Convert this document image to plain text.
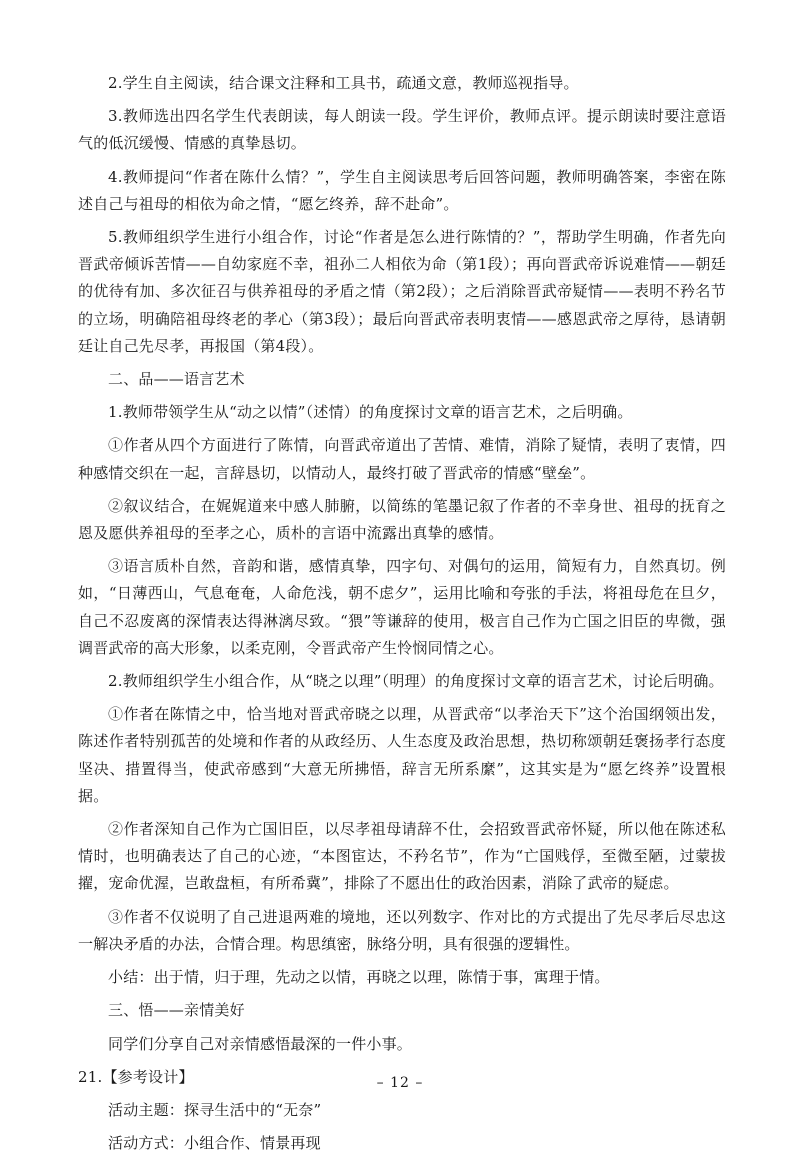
2.学生自主阅读，结合课文注释和工具书，疏通文意，教师巡视指导。

3.教师选出四名学生代表朗读，每人朗读一段。学生评价，教师点评。提示朗读时要注意语气的低沉缓慢、情感的真挚恳切。

4.教师提问“作者在陈什么情？”，学生自主阅读思考后回答问题，教师明确答案，李密在陈述自己与祖母的相依为命之情，“愿乞终养，辞不赴命”。

5.教师组织学生进行小组合作，讨论“作者是怎么进行陈情的？”，帮助学生明确，作者先向晋武帝倾诉苦情——自幼家庭不幸，祖孙二人相依为命（第1段）；再向晋武帝诉说难情——朝廷的优待有加、多次征召与供养祖母的矛盾之情（第2段）；之后消除晋武帝疑情——表明不矜名节的立场，明确陪祖母终老的孝心（第3段）；最后向晋武帝表明衷情——感恩武帝之厚待，恳请朝廷让自己先尽孝，再报国（第4段）。

二、品——语言艺术

1.教师带领学生从“动之以情”（述情）的角度探讨文章的语言艺术，之后明确。

①作者从四个方面进行了陈情，向晋武帝道出了苦情、难情，消除了疑情，表明了衷情，四种感情交织在一起，言辞恳切，以情动人，最终打破了晋武帝的情感“壁垒”。

②叙议结合，在娓娓道来中感人肺腑，以简练的笔墨记叙了作者的不幸身世、祖母的抚育之恩及愿供养祖母的至孝之心，质朴的言语中流露出真挚的感情。

③语言质朴自然，音韵和谐，感情真挚，四字句、对偶句的运用，简短有力，自然真切。例如，“日薄西山，气息奄奄，人命危浅，朝不虑夕”，运用比喻和夸张的手法，将祖母危在旦夕，自己不忍废离的深情表达得淋漓尽致。“猥”等谦辞的使用，极言自己作为亡国之旧臣的卑微，强调晋武帝的高大形象，以柔克刚，令晋武帝产生怜悯同情之心。

2.教师组织学生小组合作，从“晓之以理”（明理）的角度探讨文章的语言艺术，讨论后明确。

①作者在陈情之中，恰当地对晋武帝晓之以理，从晋武帝“以孝治天下”这个治国纲领出发，陈述作者特别孤苦的处境和作者的从政经历、人生态度及政治思想，热切称颂朝廷褒扬孝行态度坚决、措置得当，使武帝感到“大意无所拂悟，辞言无所系縻”，这其实是为“愿乞终养”设置根据。

②作者深知自己作为亡国旧臣，以尽孝祖母请辞不仕，会招致晋武帝怀疑，所以他在陈述私情时，也明确表达了自己的心迹，“本图宦达，不矜名节”，作为“亡国贱俘，至微至陋，过蒙拔擢，宠命优渥，岂敢盘桓，有所希冀”，排除了不愿出仕的政治因素，消除了武帝的疑虑。

③作者不仅说明了自己进退两难的境地，还以列数字、作对比的方式提出了先尽孝后尽忠这一解决矛盾的办法，合情合理。构思缜密，脉络分明，具有很强的逻辑性。

小结：出于情，归于理，先动之以情，再晓之以理，陈情于事，寓理于情。

三、悟——亲情美好

同学们分享自己对亲情感悟最深的一件小事。

21.【参考设计】

活动主题：探寻生活中的“无奈”

活动方式：小组合作、情景再现

– 12 –
